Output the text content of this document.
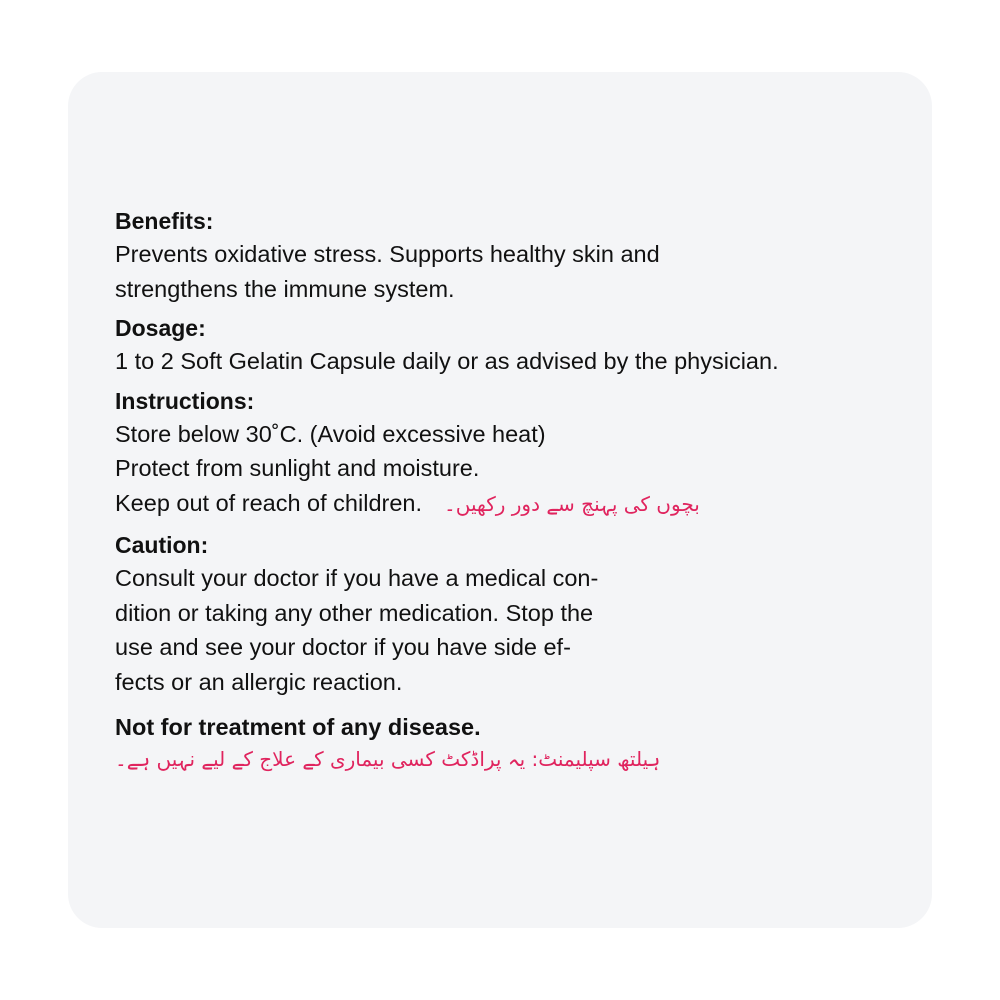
Benefits:
Prevents oxidative stress. Supports healthy skin and
strengthens the immune system.
Dosage:
1 to 2 Soft Gelatin Capsule daily or as advised by the physician.
Instructions:
Store below 30˚C. (Avoid excessive heat)
Protect from sunlight and moisture.
Keep out of reach of children. بچوں کی پہنچ سے دور رکھیں۔
Caution:
Consult your doctor if you have a medical con-
dition or taking any other medication. Stop the
use and see your doctor if you have side ef-
fects or an allergic reaction.
Not for treatment of any disease.
ہیلتھ سپلیمنٹ: یہ پراڈکٹ کسی بیماری کے علاج کے لیے نہیں ہے۔
